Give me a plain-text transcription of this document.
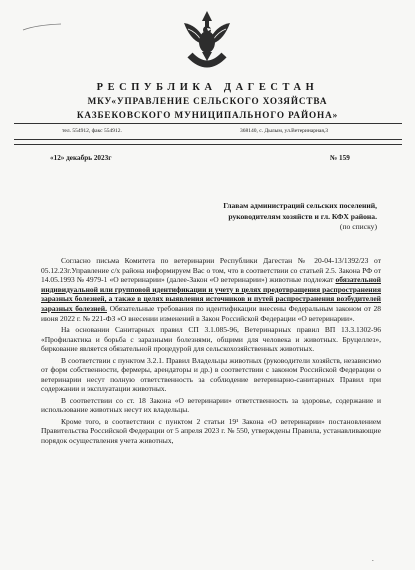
РЕСПУБЛИКА ДАГЕСТАН
МКУ«УПРАВЛЕНИЕ СЕЛЬСКОГО ХОЗЯЙСТВА
КАЗБЕКОВСКОГО МУНИЦИПАЛЬНОГО РАЙОНА»
тел. 554912, факс 554912.	368140, с. Дылым, ул.Ветеринарная,3
«12» декабрь 2023г	№ 159
Главам администраций сельских поселений,
руководителям хозяйств и гл. КФХ района.
(по списку)

Согласно письма Комитета по ветеринарии Республики Дагестан № 20-04-13/1392/23 от 05.12.23г.Управление с/х района информируем Вас о том, что в соответствии со статьей 2.5. Закона РФ от 14.05.1993 № 4979-1 «О ветеринарии» (далее-Закон «О ветеринарии») животные подлежат обязательной индивидуальной или групповой идентификации и учету в целях предотвращения распространения заразных болезней, а также в целях выявления источников и путей распространения возбудителей заразных болезней. Обязательные требования по идентификации внесены Федеральным законом от 28 июня 2022 г. № 221-ФЗ «О внесении изменений в Закон Российской Федерации «О ветеринарии».

На основании Санитарных правил СП 3.1.085-96, Ветеринарных правил ВП 13.3.1302-96 «Профилактика и борьба с заразными болезнями, общими для человека и животных. Бруцеллез», биркование является обязательной процедурой для сельскохозяйственных животных.

В соответствии с пунктом 3.2.1. Правил Владельцы животных (руководители хозяйств, независимо от форм собственности, фермеры, арендаторы и др.) в соответствии с законом Российской Федерации о ветеринарии несут полную ответственность за соблюдение ветеринарно-санитарных Правил при содержании и эксплуатации животных.

В соответствии со ст. 18 Закона «О ветеринарии» ответственность за здоровье, содержание и использование животных несут их владельцы.

Кроме того, в соответствии с пунктом 2 статьи 19¹ Закона «О ветеринарии» постановлением Правительства Российской Федерации от 5 апреля 2023 г. № 550, утверждены Правила, устанавливающие порядок осуществления учета животных,

.
